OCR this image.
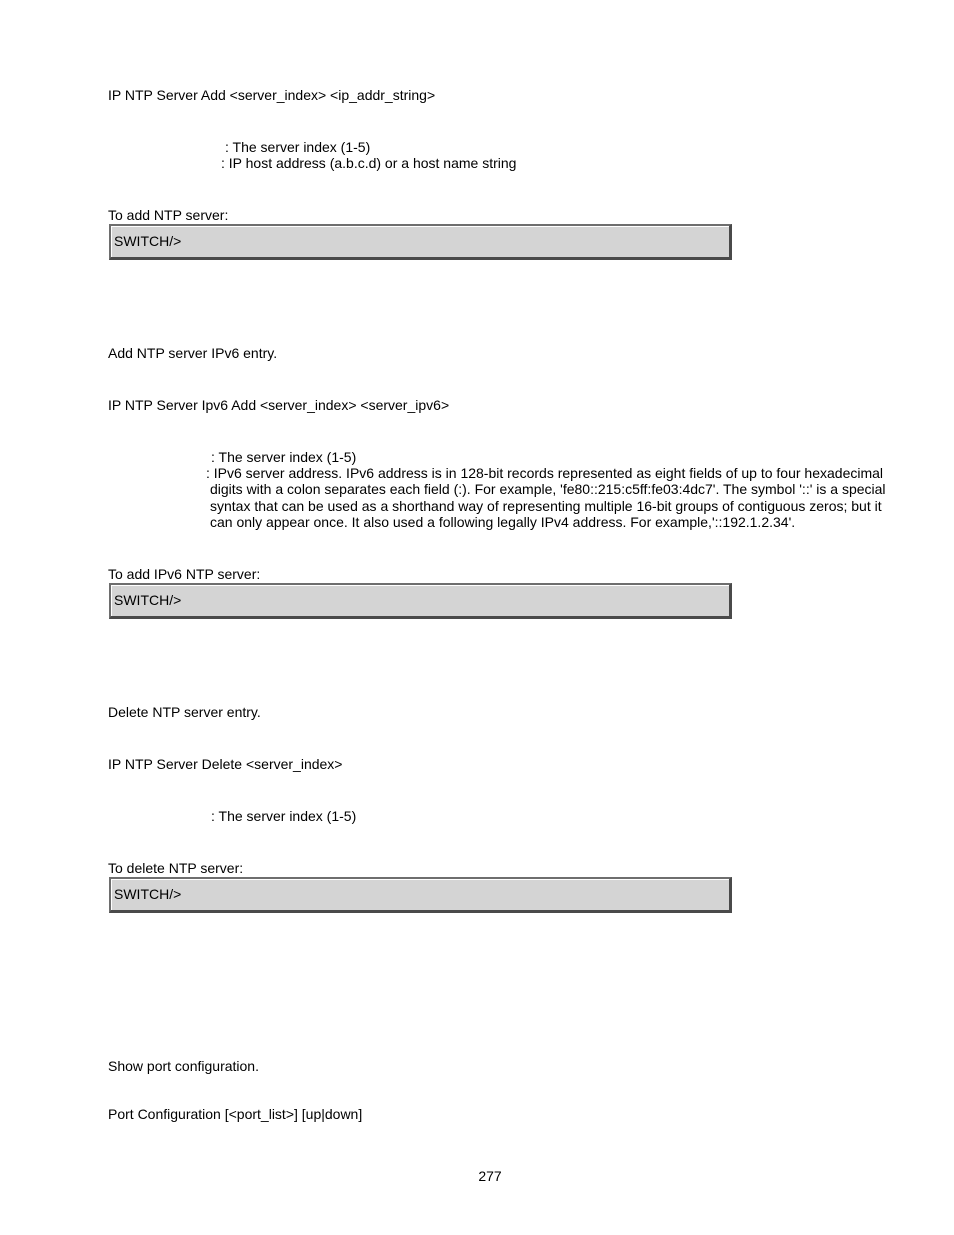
IP NTP Server Add <server_index> <ip_addr_string>

: The server index (1-5)

: IP host address (a.b.c.d) or a host name string

To add NTP server:

SWITCH/>

Add NTP server IPv6 entry.

IP NTP Server Ipv6 Add <server_index> <server_ipv6>

: The server index (1-5)

: IPv6 server address. IPv6 address is in 128-bit records represented as eight fields of up to four hexadecimal
digits with a colon separates each field (:). For example, 'fe80::215:c5ff:fe03:4dc7'. The symbol '::' is a special syntax that can be used as a shorthand way of representing multiple 16-bit groups of contiguous zeros; but it can only appear once. It also used a following legally IPv4 address. For example,'::192.1.2.34'.

To add IPv6 NTP server:

SWITCH/>

Delete NTP server entry.

IP NTP Server Delete <server_index>

: The server index (1-5)

To delete NTP server:

SWITCH/>

Show port configuration.

Port Configuration [<port_list>] [up|down]

277
